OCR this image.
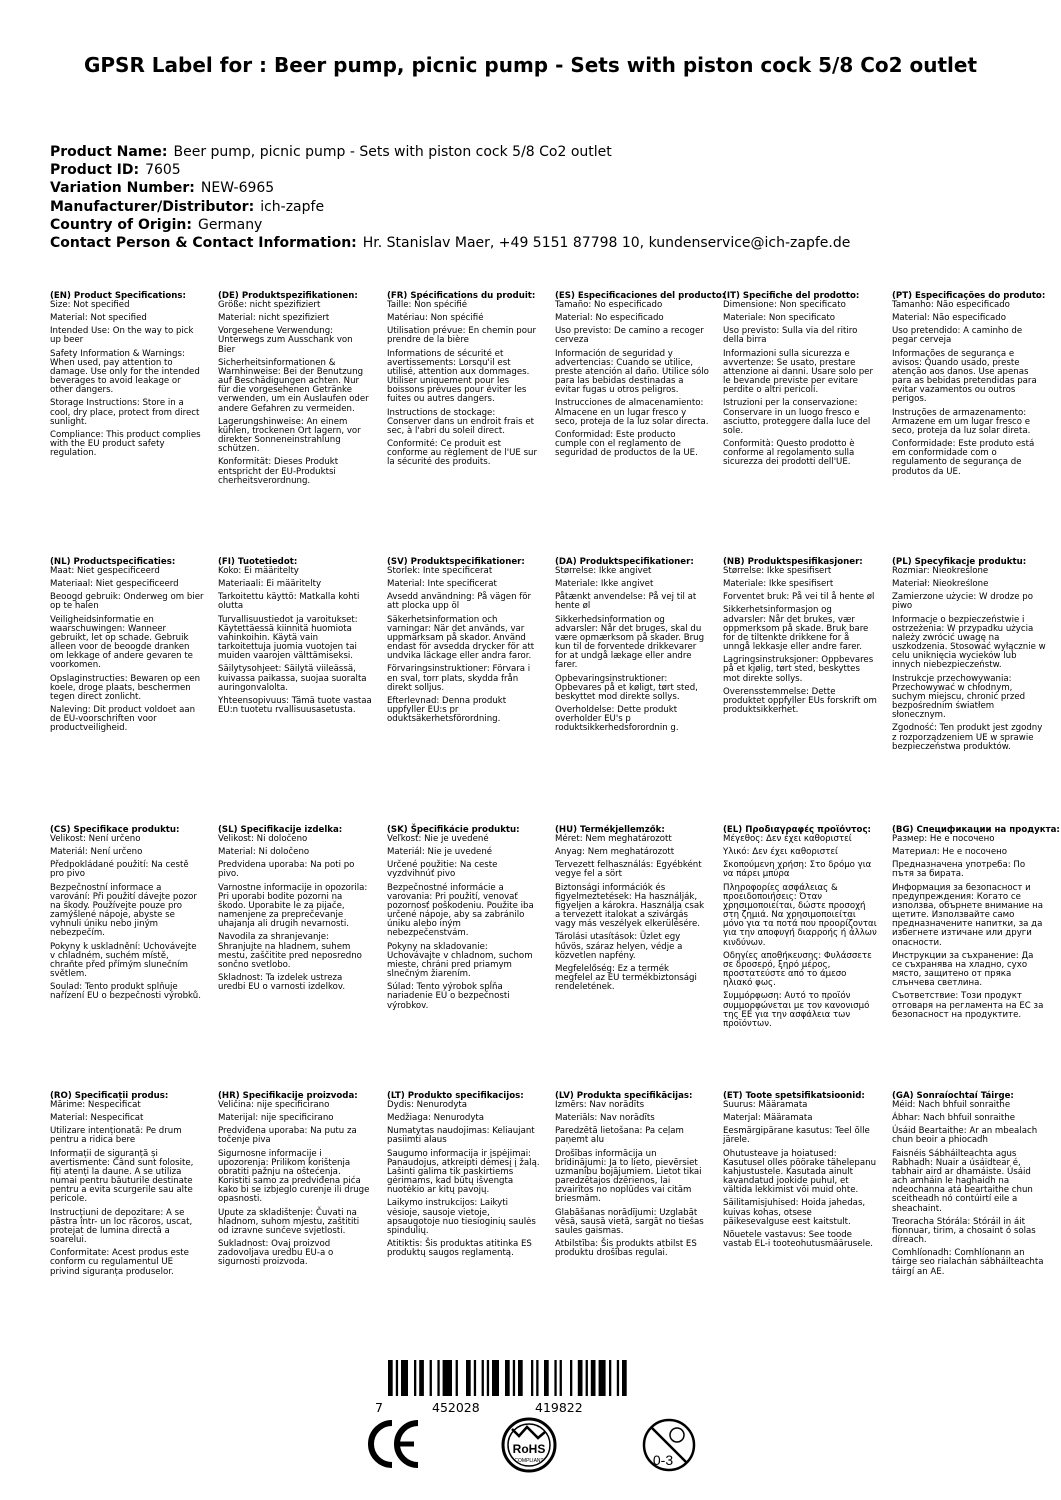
GPSR Label for : Beer pump, picnic pump - Sets with piston cock 5/8 Co2 outlet
Product Name: Beer pump, picnic pump - Sets with piston cock 5/8 Co2 outlet
Product ID: 7605
Variation Number: NEW-6965
Manufacturer/Distributor: ich-zapfe
Country of Origin: Germany
Contact Person & Contact Information: Hr. Stanislav Maer, +49 5151 87798 10, kundenservice@ich-zapfe.de
(EN) Product Specifications:
Size: Not specified
Material: Not specified
Intended Use: On the way to pick up beer
Safety Information & Warnings: When used, pay attention to damage. Use only for the intended beverages to avoid leakage or other dangers.
Storage Instructions: Store in a cool, dry place, protect from direct sunlight.
Compliance: This product complies with the EU product safety regulation.
(DE) Produktspezifikationen:
Größe: nicht spezifiziert
Material: nicht spezifiziert
Vorgesehene Verwendung: Unterwegs zum Ausschank von Bier
Sicherheitsinformationen & Warnhinweise: Bei der Benutzung auf Beschädigungen achten. Nur für die vorgesehenen Getränke verwenden, um ein Auslaufen oder andere Gefahren zu vermeiden.
Lagerungshinweise: An einem kühlen, trockenen Ort lagern, vor direkter Sonneneinstrahlung schützen.
Konformität: Dieses Produkt entspricht der EU-Produktsi cherheitsverordnung.
(FR) Spécifications du produit:
Taille: Non spécifié
Matériau: Non spécifié
Utilisation prévue: En chemin pour prendre de la bière
Informations de sécurité et avertissements: Lorsqu'il est utilisé, attention aux dommages. Utiliser uniquement pour les boissons prévues pour éviter les fuites ou autres dangers.
Instructions de stockage: Conserver dans un endroit frais et sec, à l'abri du soleil direct.
Conformité: Ce produit est conforme au règlement de l'UE sur la sécurité des produits.
(ES) Especificaciones del producto:
Tamaño: No especificado
Material: No especificado
Uso previsto: De camino a recoger cerveza
Información de seguridad y advertencias: Cuando se utilice, preste atención al daño. Utilice sólo para las bebidas destinadas a evitar fugas u otros peligros.
Instrucciones de almacenamiento: Almacene en un lugar fresco y seco, proteja de la luz solar directa.
Conformidad: Este producto cumple con el reglamento de seguridad de productos de la UE.
(IT) Specifiche del prodotto:
Dimensione: Non specificato
Materiale: Non specificato
Uso previsto: Sulla via del ritiro della birra
Informazioni sulla sicurezza e avvertenze: Se usato, prestare attenzione ai danni. Usare solo per le bevande previste per evitare perdite o altri pericoli.
Istruzioni per la conservazione: Conservare in un luogo fresco e asciutto, proteggere dalla luce del sole.
Conformità: Questo prodotto è conforme al regolamento sulla sicurezza dei prodotti dell'UE.
(PT) Especificações do produto:
Tamanho: Não especificado
Material: Não especificado
Uso pretendido: A caminho de pegar cerveja
Informações de segurança e avisos: Quando usado, preste atenção aos danos. Use apenas para as bebidas pretendidas para evitar vazamentos ou outros perigos.
Instruções de armazenamento: Armazene em um lugar fresco e seco, proteja da luz solar direta.
Conformidade: Este produto está em conformidade com o regulamento de segurança de produtos da UE.
(NL) Productspecificaties:
Maat: Niet gespecificeerd
Materiaal: Niet gespecificeerd
Beoogd gebruik: Onderweg om bier op te halen
Veiligheidsinformatie en waarschuwingen: Wanneer gebruikt, let op schade. Gebruik alleen voor de beoogde dranken om lekkage of andere gevaren te voorkomen.
Opslaginstructies: Bewaren op een koele, droge plaats, beschermen tegen direct zonlicht.
Naleving: Dit product voldoet aan de EU-voorschriften voor productveiligheid.
(FI) Tuotetiedot:
Koko: Ei määritelty
Materiaali: Ei määritelty
Tarkoitettu käyttö: Matkalla kohti olutta
Turvallisuustiedot ja varoitukset: Käytettäessä kiinnitä huomiota vahinkoihin. Käytä vain tarkoitettuja juomia vuotojen tai muiden vaarojen välttämiseksi.
Säilytysohjeet: Säilytä viileässä, kuivassa paikassa, suojaa suoralta auringonvalolta.
Yhteensopivuus: Tämä tuote vastaa EU:n tuotetu rvallisuusasetusta.
(SV) Produktspecifikationer:
Storlek: Inte specificerat
Material: Inte specificerat
Avsedd användning: På vägen för att plocka upp öl
Säkerhetsinformation och varningar: När det används, var uppmärksam på skador. Använd endast för avsedda drycker för att undvika läckage eller andra faror.
Förvaringsinstruktioner: Förvara i en sval, torr plats, skydda från direkt solljus.
Efterlevnad: Denna produkt uppfyller EU:s pr oduktsäkerhetsförordning.
(DA) Produktspecifikationer:
Størrelse: Ikke angivet
Materiale: Ikke angivet
Påtænkt anvendelse: På vej til at hente øl
Sikkerhedsinformation og advarsler: Når det bruges, skal du være opmærksom på skader. Brug kun til de forventede drikkevarer for at undgå lækage eller andre farer.
Opbevaringsinstruktioner: Opbevares på et køligt, tørt sted, beskyttet mod direkte sollys.
Overholdelse: Dette produkt overholder EU's p roduktsikkerhedsforordnin g.
(NB) Produktspesifikasjoner:
Størrelse: Ikke spesifisert
Materiale: Ikke spesifisert
Forventet bruk: På vei til å hente øl
Sikkerhetsinformasjon og advarsler: Når det brukes, vær oppmerksom på skade. Bruk bare for de tiltenkte drikkene for å unngå lekkasje eller andre farer.
Lagringsinstruksjoner: Oppbevares på et kjølig, tørt sted, beskyttes mot direkte sollys.
Overensstemmelse: Dette produktet oppfyller EUs forskrift om produktsikkerhet.
(PL) Specyfikacje produktu:
Rozmiar: Nieokreślone
Materiał: Nieokreślone
Zamierzone użycie: W drodze po piwo
Informacje o bezpieczeństwie i ostrzeżenia: W przypadku użycia należy zwrócić uwagę na uszkodzenia. Stosować wyłącznie w celu uniknięcia wycieków lub innych niebezpieczeństw.
Instrukcje przechowywania: Przechowywać w chłodnym, suchym miejscu, chronić przed bezpośrednim światłem słonecznym.
Zgodność: Ten produkt jest zgodny z rozporządzeniem UE w sprawie bezpieczeństwa produktów.
(CS) Specifikace produktu:
Velikost: Není určeno
Materiál: Není určeno
Předpokládané použití: Na cestě pro pivo
Bezpečnostní informace a varování: Při použití dávejte pozor na škody. Používejte pouze pro zamýšlené nápoje, abyste se vyhnuli úniku nebo jiným nebezpečím.
Pokyny k uskladnění: Uchovávejte v chladném, suchém místě, chraňte před přímým slunečním světlem.
Soulad: Tento produkt splňuje nařízení EU o bezpečnosti výrobků.
(SL) Specifikacije izdelka:
Velikost: Ni določeno
Material: Ni določeno
Predvidena uporaba: Na poti po pivo.
Varnostne informacije in opozorila: Pri uporabi bodite pozorni na škodo. Uporabite le za pijače, namenjene za preprečevanje uhajanja ali drugih nevarnosti.
Navodila za shranjevanje: Shranjujte na hladnem, suhem mestu, zaščitite pred neposredno sončno svetlobo.
Skladnost: Ta izdelek ustreza uredbi EU o varnosti izdelkov.
(SK) Špecifikácie produktu:
Veľkosť: Nie je uvedené
Materiál: Nie je uvedené
Určené použitie: Na ceste vyzdvihnúť pivo
Bezpečnostné informácie a varovania: Pri použití, venovať pozornosť poškodeniu. Použite iba určené nápoje, aby sa zabránilo úniku alebo iným nebezpečenstvám.
Pokyny na skladovanie: Uchovávajte v chladnom, suchom mieste, chráni pred priamym slnečným žiarením.
Súlad: Tento výrobok spĺňa nariadenie EÚ o bezpečnosti výrobkov.
(HU) Termékjellemzők:
Méret: Nem meghatározott
Anyag: Nem meghatározott
Tervezett felhasználás: Egyébként vegye fel a sört
Biztonsági információk és figyelmeztetések: Ha használják, figyeljen a károkra. Használja csak a tervezett italokat a szivárgás vagy más veszélyek elkerülésére.
Tárolási utasítások: Üzlet egy hűvös, száraz helyen, védje a közvetlen napfény.
Megfelelőség: Ez a termék megfelel az EU termékbiztonsági rendeletének.
(EL) Προδιαγραφές προϊόντος:
Μέγεθος: Δεν έχει καθοριστεί
Υλικό: Δεν έχει καθοριστεί
Σκοπούμενη χρήση: Στο δρόμο για να πάρει μπύρα
Πληροφορίες ασφάλειας & προειδοποιήσεις: Όταν χρησιμοποιείται, δώστε προσοχή στη ζημιά. Να χρησιμοποιείται μόνο για τα ποτά που προορίζονται για την αποφυγή διαρροής ή άλλων κινδύνων.
Οδηγίες αποθήκευσης: Φυλάσσετε σε δροσερό, ξηρό μέρος, προστατεύστε από το άμεσο ηλιακό φως.
Συμμόρφωση: Αυτό το προϊόν συμμορφώνεται με τον κανονισμό της ΕΕ για την ασφάλεια των προϊόντων.
(BG) Спецификации на продукта:
Размер: Не е посочено
Материал: Не е посочено
Предназначена употреба: По пътя за бирата.
Информация за безопасност и предупреждения: Когато се използва, обърнете внимание на щетите. Използвайте само предназначените напитки, за да избегнете изтичане или други опасности.
Инструкции за съхранение: Да се съхранява на хладно, сухо място, защитено от пряка слънчева светлина.
Съответствие: Този продукт отговаря на регламента на ЕС за безопасност на продуктите.
(RO) Specificații produs:
Mărime: Nespecificat
Material: Nespecificat
Utilizare intenționată: Pe drum pentru a ridica bere
Informații de siguranță și avertismente: Când sunt folosite, fiți atenți la daune. A se utiliza numai pentru băuturile destinate pentru a evita scurgerile sau alte pericole.
Instrucțiuni de depozitare: A se păstra într- un loc răcoros, uscat, protejat de lumina directă a soarelui.
Conformitate: Acest produs este conform cu regulamentul UE privind siguranța produselor.
(HR) Specifikacije proizvoda:
Veličina: nije specificirano
Materijal: nije specificirano
Predviđena uporaba: Na putu za točenje piva
Sigurnosne informacije i upozorenja: Prilikom korištenja obratiti pažnju na oštećenja. Koristiti samo za predviđena pića kako bi se izbjeglo curenje ili druge opasnosti.
Upute za skladištenje: Čuvati na hladnom, suhom mjestu, zaštititi od izravne sunčeve svjetlosti.
Sukladnost: Ovaj proizvod zadovoljava uredbu EU-a o sigurnosti proizvoda.
(LT) Produkto specifikacijos:
Dydis: Nenurodyta
Medžiaga: Nenurodyta
Numatytas naudojimas: Keliaujant pasiimti alaus
Saugumo informacija ir įspėjimai: Panaudojus, atkreipti dėmesį į žalą. Lašinti galima tik paskirtiems gėrimams, kad būtų išvengta nuotėkio ar kitų pavojų.
Laikymo instrukcijos: Laikyti vėsioje, sausoje vietoje, apsaugotoje nuo tiesioginių saulės spindulių.
Atitiktis: Šis produktas atitinka ES produktų saugos reglamentą.
(LV) Produkta specifikācijas:
Izmērs: Nav norādīts
Materiāls: Nav norādīts
Paredzētā lietošana: Pa ceļam paņemt alu
Drošības informācija un brīdinājumi: Ja to lieto, pievērsiet uzmanību bojājumiem. Lietot tikai paredzētajos dzērienos, lai izvairītos no noplūdes vai citām briesmām.
Glabāšanas norādījumi: Uzglabāt vēsā, sausā vietā, sargāt no tiešas saules gaismas.
Atbilstība: Šis produkts atbilst ES produktu drošības regulai.
(ET) Toote spetsifikatsioonid:
Suurus: Määramata
Materjal: Määramata
Eesmärgipärane kasutus: Teel õlle järele.
Ohutusteave ja hoiatused: Kasutusel olles pöörake tähelepanu kahjustustele. Kasutada ainult kavandatud jookide puhul, et vältida lekkimist või muid ohte.
Säilitamisjuhised: Hoida jahedas, kuivas kohas, otsese päikesevalguse eest kaitstult.
Nõuetele vastavus: See toode vastab EL-i tooteohutusmäärusele.
(GA) Sonraíochtaí Táirge:
Méid: Nach bhfuil sonraithe
Ábhar: Nach bhfuil sonraithe
Úsáid Beartaithe: Ar an mbealach chun beoir a phiocadh
Faisnéis Sábháilteachta agus Rabhadh: Nuair a úsáidtear é, tabhair aird ar dhamáiste. Úsáid ach amháin le haghaidh na ndeochanna atá beartaithe chun sceitheadh nó contúirtí eile a sheachaint.
Treoracha Stórála: Stóráil in áit fionnuar, tirim, a chosaint ó solas díreach.
Comhlíonadh: Comhlíonann an táirge seo rialachán sábháilteachta táirgí an AE.
7	452028	419822
RoHS
COMPLIANT	0-3
